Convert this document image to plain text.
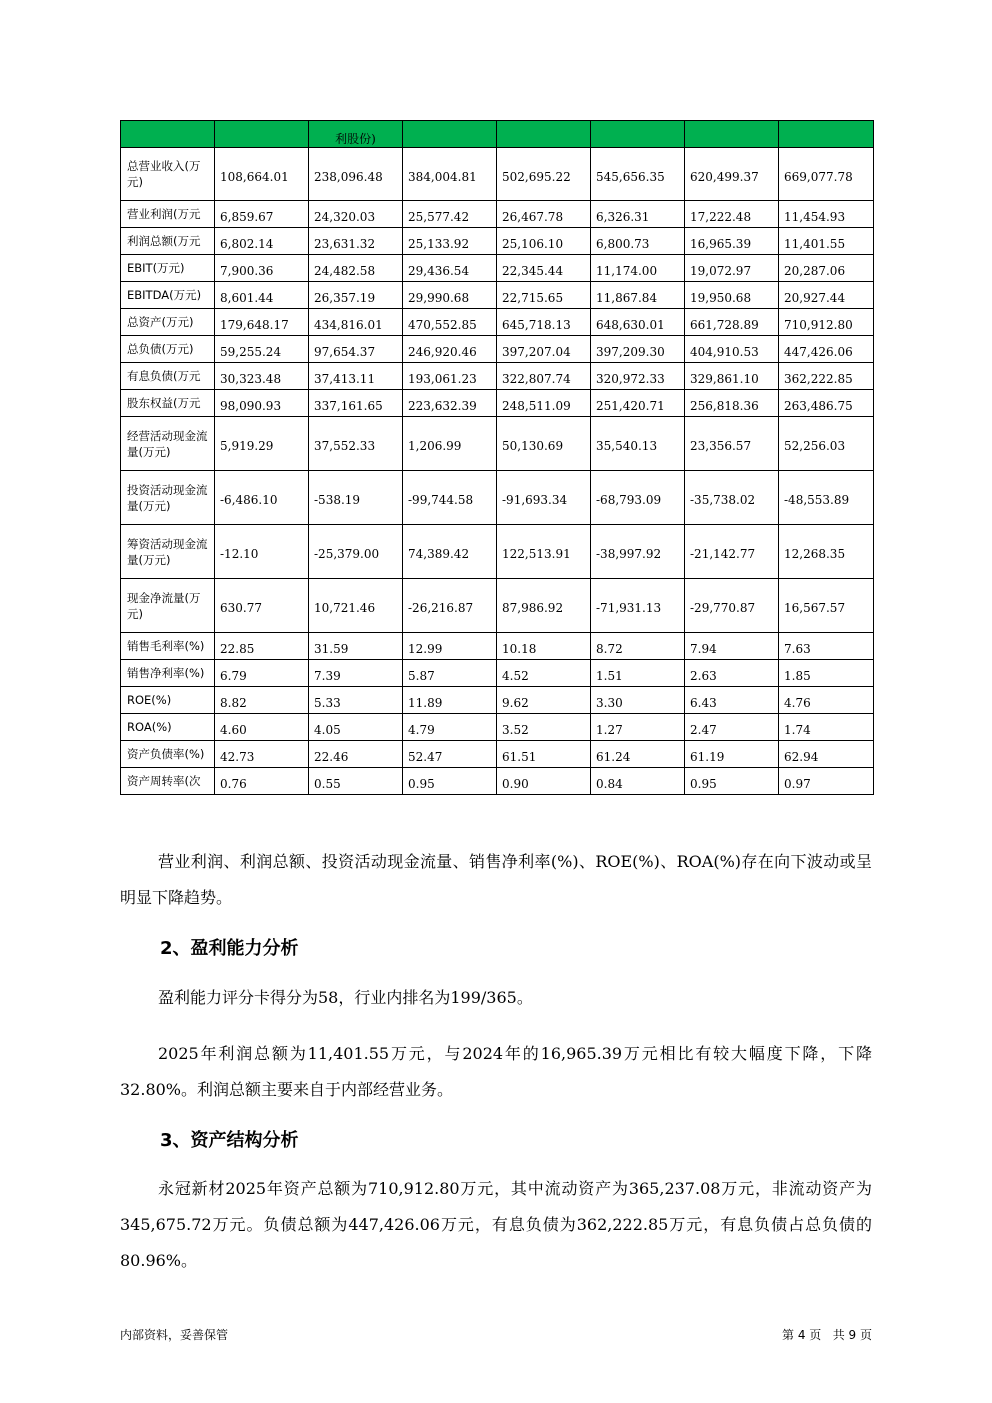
		利股份)					
总营业收入(万元)	108,664.01	238,096.48	384,004.81	502,695.22	545,656.35	620,499.37	669,077.78
营业利润(万元	6,859.67	24,320.03	25,577.42	26,467.78	6,326.31	17,222.48	11,454.93
利润总额(万元	6,802.14	23,631.32	25,133.92	25,106.10	6,800.73	16,965.39	11,401.55
EBIT(万元)	7,900.36	24,482.58	29,436.54	22,345.44	11,174.00	19,072.97	20,287.06
EBITDA(万元)	8,601.44	26,357.19	29,990.68	22,715.65	11,867.84	19,950.68	20,927.44
总资产(万元)	179,648.17	434,816.01	470,552.85	645,718.13	648,630.01	661,728.89	710,912.80
总负债(万元)	59,255.24	97,654.37	246,920.46	397,207.04	397,209.30	404,910.53	447,426.06
有息负债(万元	30,323.48	37,413.11	193,061.23	322,807.74	320,972.33	329,861.10	362,222.85
股东权益(万元	98,090.93	337,161.65	223,632.39	248,511.09	251,420.71	256,818.36	263,486.75
经营活动现金流量(万元)	5,919.29	37,552.33	1,206.99	50,130.69	35,540.13	23,356.57	52,256.03
投资活动现金流量(万元)	-6,486.10	-538.19	-99,744.58	-91,693.34	-68,793.09	-35,738.02	-48,553.89
筹资活动现金流量(万元)	-12.10	-25,379.00	74,389.42	122,513.91	-38,997.92	-21,142.77	12,268.35
现金净流量(万元)	630.77	10,721.46	-26,216.87	87,986.92	-71,931.13	-29,770.87	16,567.57
销售毛利率(%)	22.85	31.59	12.99	10.18	8.72	7.94	7.63
销售净利率(%)	6.79	7.39	5.87	4.52	1.51	2.63	1.85
ROE(%)	8.82	5.33	11.89	9.62	3.30	6.43	4.76
ROA(%)	4.60	4.05	4.79	3.52	1.27	2.47	1.74
资产负债率(%)	42.73	22.46	52.47	61.51	61.24	61.19	62.94
资产周转率(次	0.76	0.55	0.95	0.90	0.84	0.95	0.97

营业利润、利润总额、投资活动现金流量、销售净利率(%)、ROE(%)、ROA(%)存在向下波动或呈明显下降趋势。

2、盈利能力分析

盈利能力评分卡得分为58，行业内排名为199/365。

2025年利润总额为11,401.55万元，与2024年的16,965.39万元相比有较大幅度下降，下降32.80%。利润总额主要来自于内部经营业务。

3、资产结构分析

永冠新材2025年资产总额为710,912.80万元，其中流动资产为365,237.08万元，非流动资产为345,675.72万元。负债总额为447,426.06万元，有息负债为362,222.85万元，有息负债占总负债的80.96%。

内部资料，妥善保管	第 4 页   共 9 页
